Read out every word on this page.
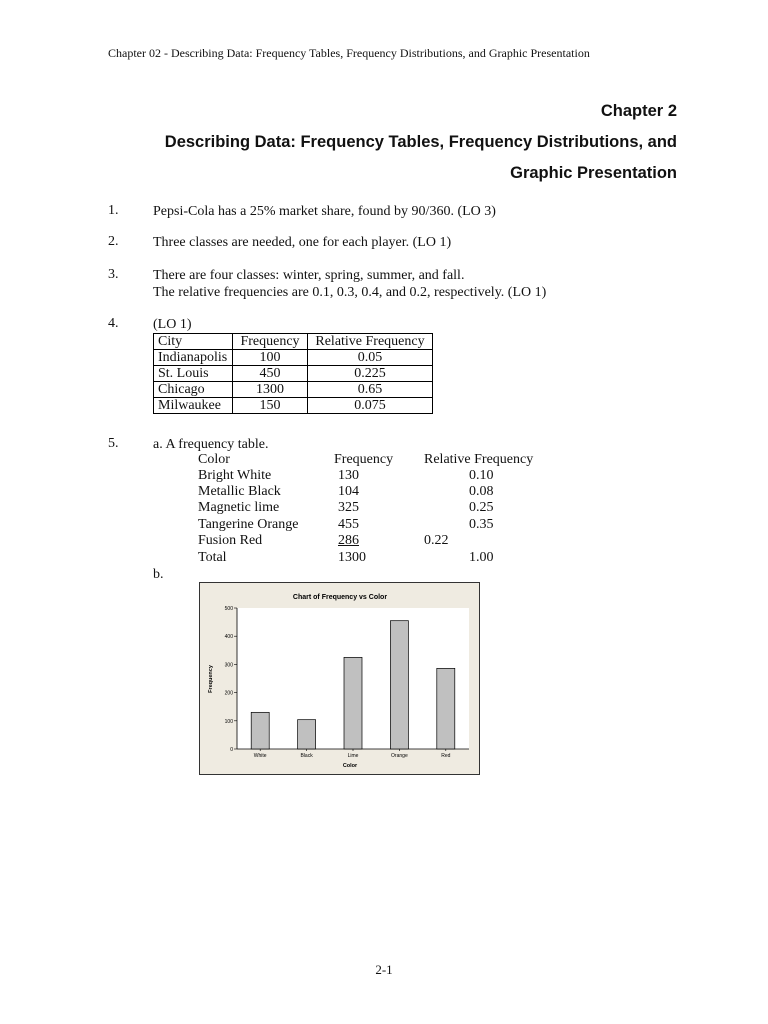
Chapter 02 - Describing Data: Frequency Tables, Frequency Distributions, and Graphic Presentation
Chapter 2
Describing Data: Frequency Tables, Frequency Distributions, and
Graphic Presentation
1. Pepsi-Cola has a 25% market share, found by 90/360. (LO 3)
2. Three classes are needed, one for each player. (LO 1)
3. There are four classes: winter, spring, summer, and fall.
The relative frequencies are 0.1, 0.3, 0.4, and 0.2, respectively. (LO 1)
4. (LO 1)
City	Frequency	Relative Frequency
Indianapolis	100	0.05
St. Louis	450	0.225
Chicago	1300	0.65
Milwaukee	150	0.075
5. a. A frequency table.
Color	Frequency Relative Frequency
Bright White	130	0.10
Metallic Black	104	0.08
Magnetic lime	325	0.25
Tangerine Orange	455	0.35
Fusion Red	286	0.22
Total	1300	1.00
b.
Chart of Frequency vs Color
0
100
200
300
400
500
White	Black	Lime	Orange	Red
Color
Frequency
2-1
